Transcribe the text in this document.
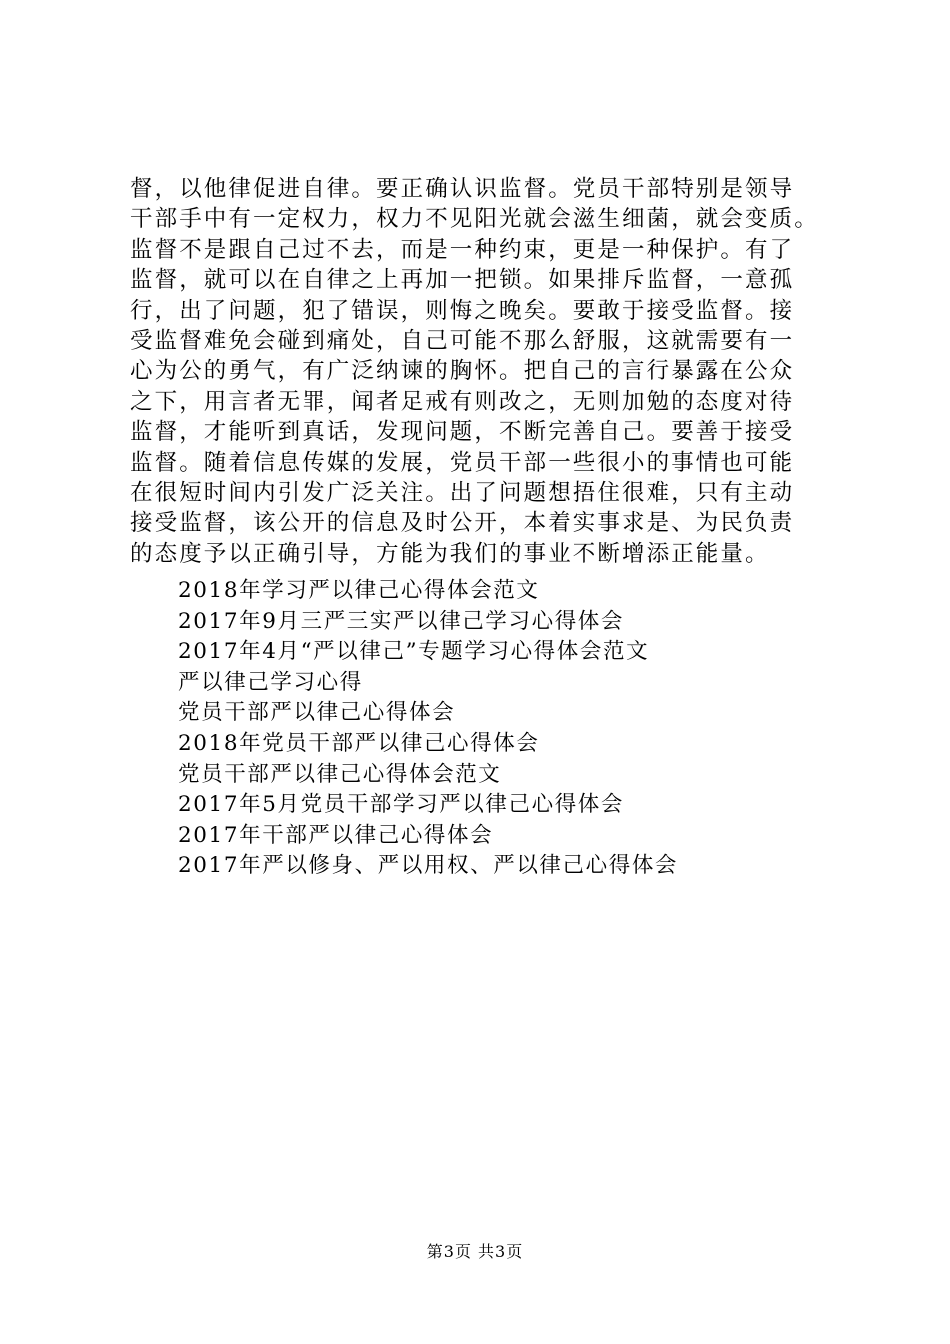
督，以他律促进自律。要正确认识监督。党员干部特别是领导
干部手中有一定权力，权力不见阳光就会滋生细菌，就会变质。
监督不是跟自己过不去，而是一种约束，更是一种保护。有了
监督，就可以在自律之上再加一把锁。如果排斥监督，一意孤
行，出了问题，犯了错误，则悔之晚矣。要敢于接受监督。接
受监督难免会碰到痛处，自己可能不那么舒服，这就需要有一
心为公的勇气，有广泛纳谏的胸怀。把自己的言行暴露在公众
之下，用言者无罪，闻者足戒有则改之，无则加勉的态度对待
监督，才能听到真话，发现问题，不断完善自己。要善于接受
监督。随着信息传媒的发展，党员干部一些很小的事情也可能
在很短时间内引发广泛关注。出了问题想捂住很难，只有主动
接受监督，该公开的信息及时公开，本着实事求是、为民负责
的态度予以正确引导，方能为我们的事业不断增添正能量。
2018年学习严以律己心得体会范文
2017年9月三严三实严以律己学习心得体会
2017年4月“严以律己”专题学习心得体会范文
严以律己学习心得
党员干部严以律己心得体会
2018年党员干部严以律己心得体会
党员干部严以律己心得体会范文
2017年5月党员干部学习严以律己心得体会
2017年干部严以律己心得体会
2017年严以修身、严以用权、严以律己心得体会
第3页 共3页
